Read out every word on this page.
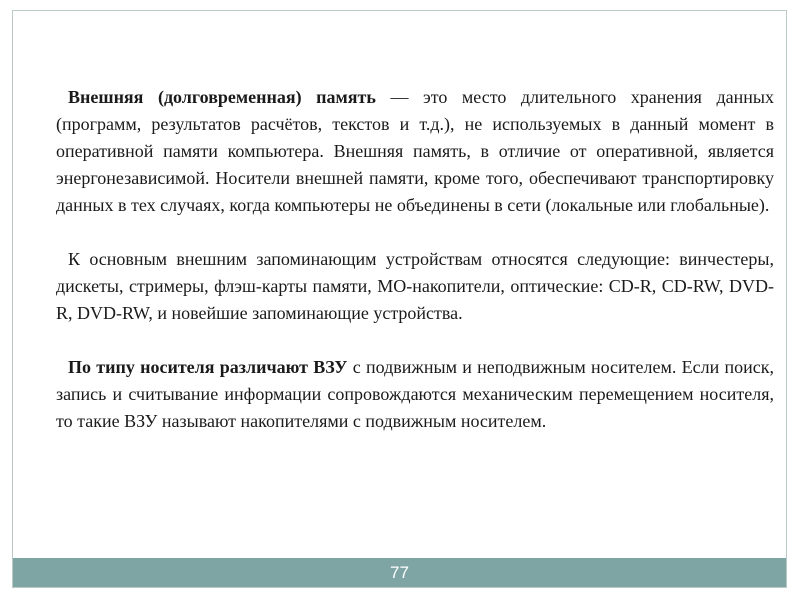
Внешняя (долговременная) память — это место длительного хранения данных (программ, результатов расчётов, текстов и т.д.), не используемых в данный момент в оперативной памяти компьютера. Внешняя память, в отличие от оперативной, является энергонезависимой. Носители внешней памяти, кроме того, обеспечивают транспортировку данных в тех случаях, когда компьютеры не объединены в сети (локальные или глобальные).

К основным внешним запоминающим устройствам относятся следующие: винчестеры, дискеты, стримеры, флэш-карты памяти, МО-накопители, оптические: CD-R, CD-RW, DVD-R, DVD-RW, и новейшие запоминающие устройства.

По типу носителя различают ВЗУ с подвижным и неподвижным носителем. Если поиск, запись и считывание информации сопровождаются механическим перемещением носителя, то такие ВЗУ называют накопителями с подвижным носителем.

77
